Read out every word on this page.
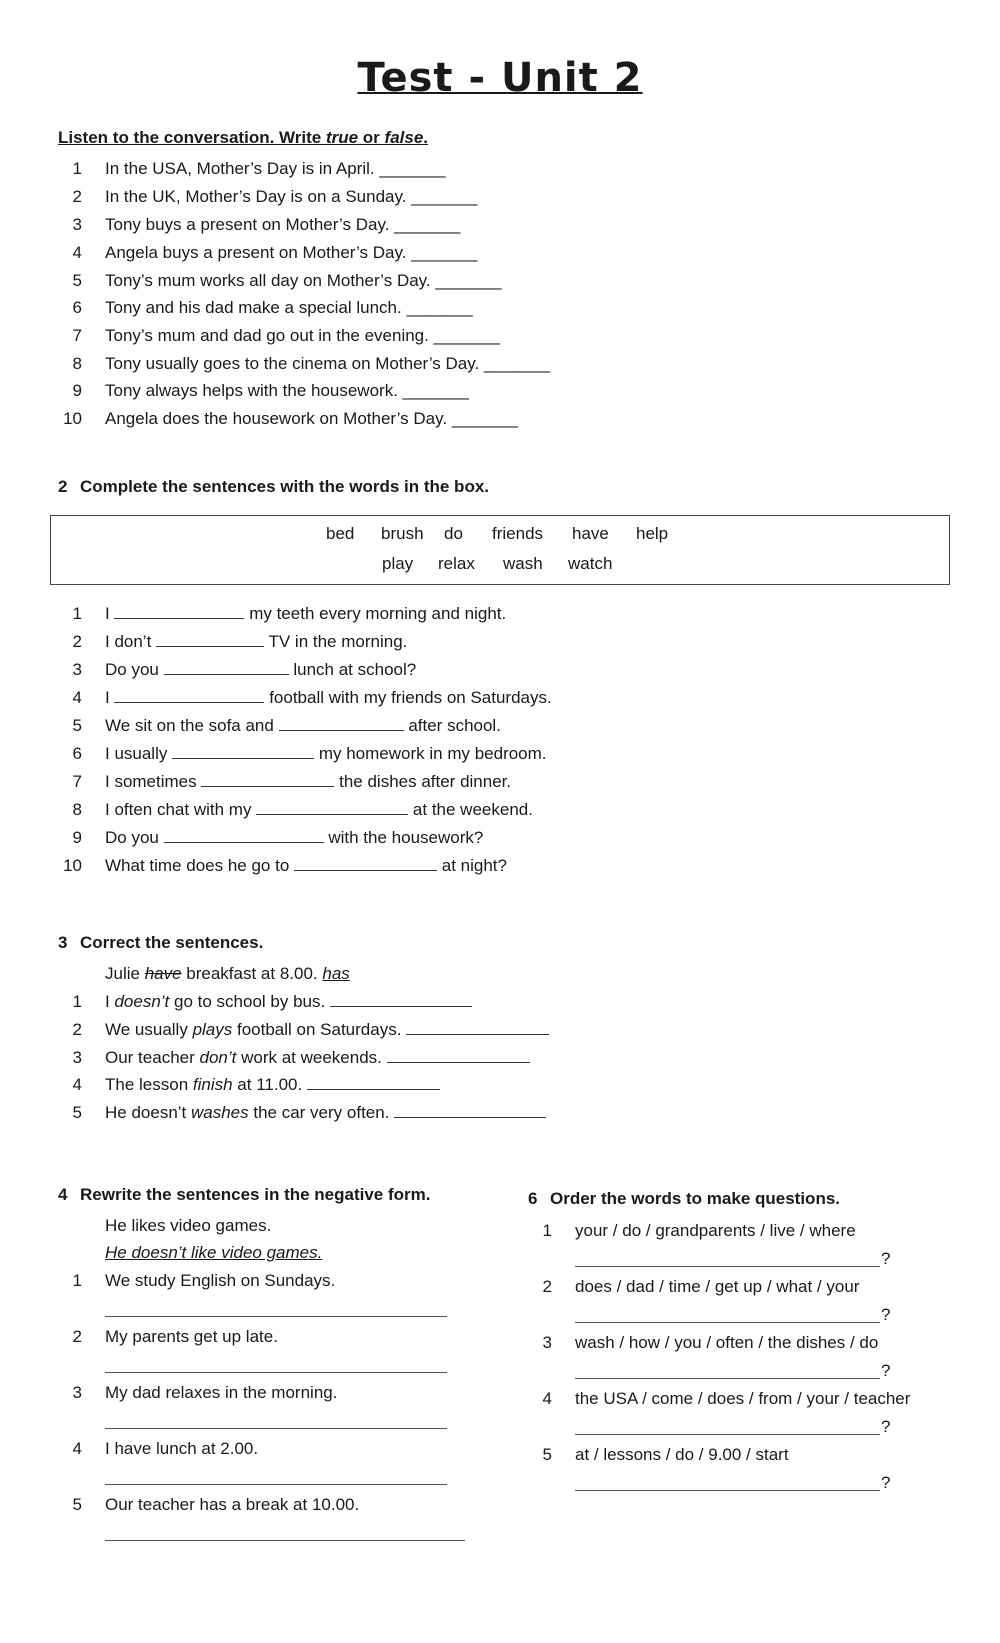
Test - Unit 2
Listen to the conversation. Write true or false.
1 In the USA, Mother’s Day is in April. _______
2 In the UK, Mother’s Day is on a Sunday. _______
3 Tony buys a present on Mother’s Day. _______
4 Angela buys a present on Mother’s Day. _______
5 Tony’s mum works all day on Mother’s Day. _______
6 Tony and his dad make a special lunch. _______
7 Tony’s mum and dad go out in the evening. _______
8 Tony usually goes to the cinema on Mother’s Day. _______
9 Tony always helps with the housework. _______
10 Angela does the housework on Mother’s Day. _______
2 Complete the sentences with the words in the box.
bed brush do friends have help
play relax wash watch
1 I	my teeth every morning and night.
2 I don’t	TV in the morning.
3 Do you	lunch at school?
4 I	football with my friends on Saturdays.
5 We sit on the sofa and	after school.
6 I usually	my homework in my bedroom.
7 I sometimes	the dishes after dinner.
8 I often chat with my	at the weekend.
9 Do you	with the housework?
10 What time does he go to	at night?
3 Correct the sentences.
Julie have breakfast at 8.00. has
1 I doesn’t go to school by bus.
2 We usually plays football on Saturdays.
3 Our teacher don’t work at weekends.
4 The lesson finish at 11.00.
5 He doesn’t washes the car very often.
4 Rewrite the sentences in the negative form.
He likes video games.
He doesn’t like video games.
1 We study English on Sundays.
2 My parents get up late.
3 My dad relaxes in the morning.
4 I have lunch at 2.00.
5 Our teacher has a break at 10.00.
6 Order the words to make questions.
1 your / do / grandparents / live / where
?
2 does / dad / time / get up / what / your
?
3 wash / how / you / often / the dishes / do
?
4 the USA / come / does / from / your / teacher
?
5 at / lessons / do / 9.00 / start
?
